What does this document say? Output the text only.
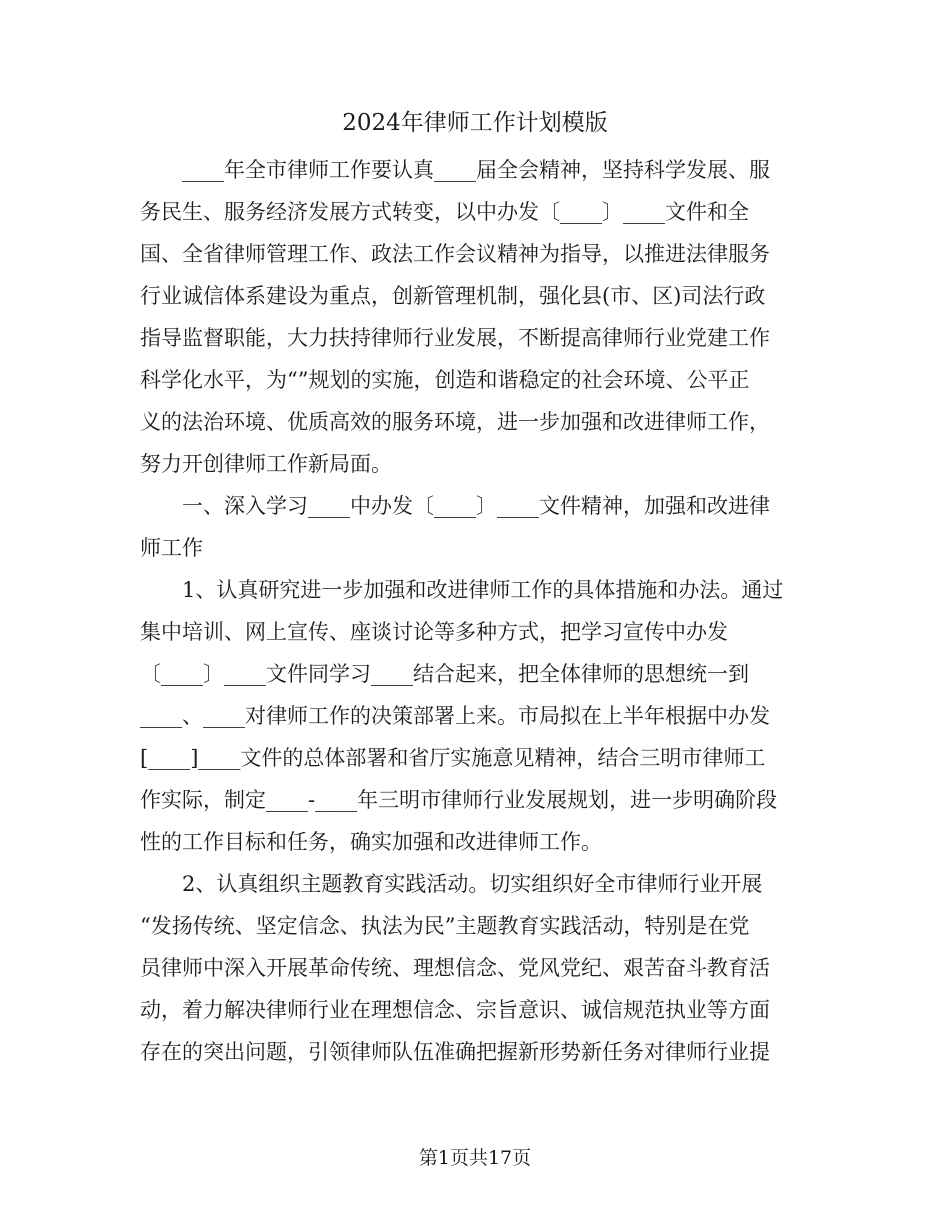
2024年律师工作计划模版
　　____年全市律师工作要认真____届全会精神，坚持科学发展、服
务民生、服务经济发展方式转变，以中办发〔____〕____文件和全
国、全省律师管理工作、政法工作会议精神为指导，以推进法律服务
行业诚信体系建设为重点，创新管理机制，强化县(市、区)司法行政
指导监督职能，大力扶持律师行业发展，不断提高律师行业党建工作
科学化水平，为“”规划的实施，创造和谐稳定的社会环境、公平正
义的法治环境、优质高效的服务环境，进一步加强和改进律师工作，
努力开创律师工作新局面。
　　一、深入学习____中办发〔____〕____文件精神，加强和改进律
师工作
　　1、认真研究进一步加强和改进律师工作的具体措施和办法。通过
集中培训、网上宣传、座谈讨论等多种方式，把学习宣传中办发
〔____〕____文件同学习____结合起来，把全体律师的思想统一到
____、____对律师工作的决策部署上来。市局拟在上半年根据中办发
[____]____文件的总体部署和省厅实施意见精神，结合三明市律师工
作实际，制定____-____年三明市律师行业发展规划，进一步明确阶段
性的工作目标和任务，确实加强和改进律师工作。
　　2、认真组织主题教育实践活动。切实组织好全市律师行业开展
“发扬传统、坚定信念、执法为民”主题教育实践活动，特别是在党
员律师中深入开展革命传统、理想信念、党风党纪、艰苦奋斗教育活
动，着力解决律师行业在理想信念、宗旨意识、诚信规范执业等方面
存在的突出问题，引领律师队伍准确把握新形势新任务对律师行业提
第1页共17页
